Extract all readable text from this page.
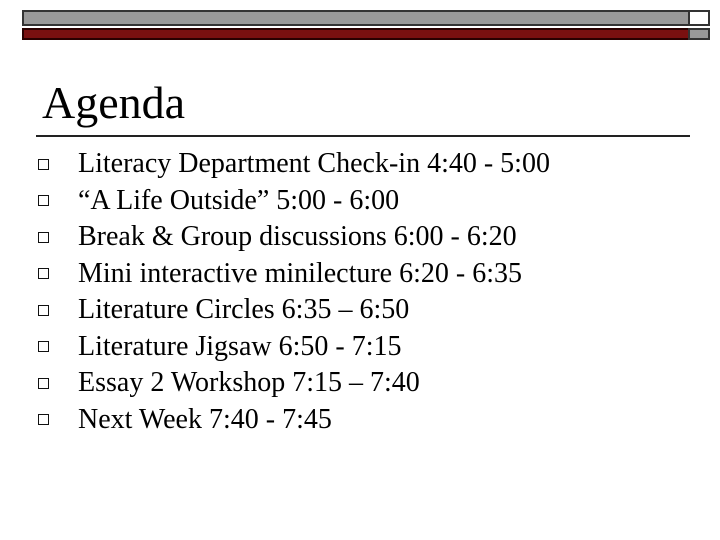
Agenda
Literacy Department Check-in 4:40 - 5:00
“A Life Outside” 5:00 - 6:00
Break & Group discussions 6:00 - 6:20
Mini interactive minilecture 6:20 - 6:35
Literature Circles 6:35 – 6:50
Literature Jigsaw 6:50 - 7:15
Essay 2 Workshop 7:15 – 7:40
Next Week 7:40 - 7:45
